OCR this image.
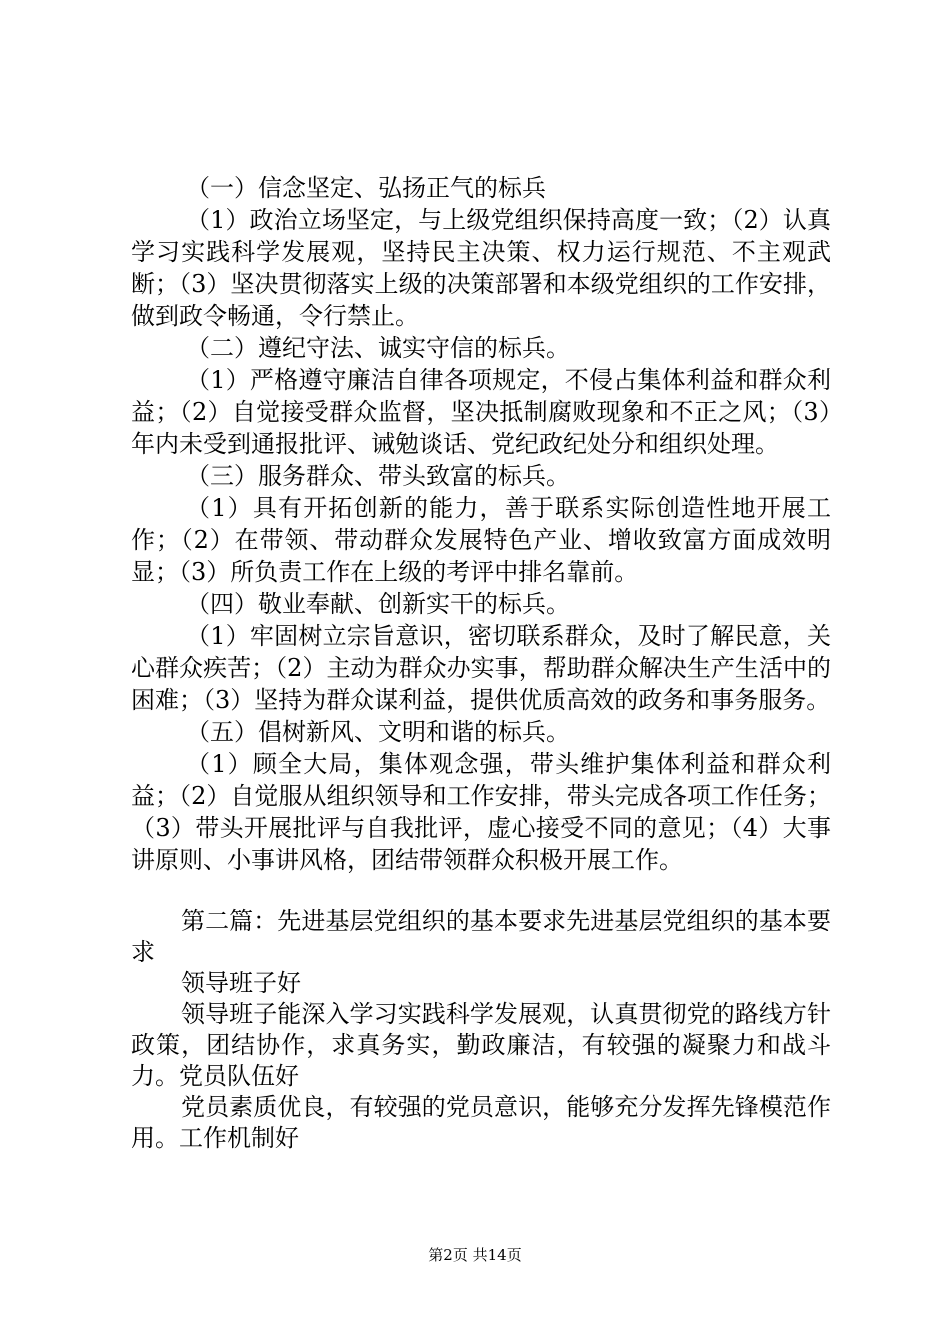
（一）信念坚定、弘扬正气的标兵

（1）政治立场坚定，与上级党组织保持高度一致；（2）认真学习实践科学发展观，坚持民主决策、权力运行规范、不主观武断；（3）坚决贯彻落实上级的决策部署和本级党组织的工作安排，做到政令畅通，令行禁止。

（二）遵纪守法、诚实守信的标兵。

（1）严格遵守廉洁自律各项规定，不侵占集体利益和群众利益；（2）自觉接受群众监督，坚决抵制腐败现象和不正之风；（3）年内未受到通报批评、诫勉谈话、党纪政纪处分和组织处理。

（三）服务群众、带头致富的标兵。

（1）具有开拓创新的能力，善于联系实际创造性地开展工作；（2）在带领、带动群众发展特色产业、增收致富方面成效明显；（3）所负责工作在上级的考评中排名靠前。

（四）敬业奉献、创新实干的标兵。

（1）牢固树立宗旨意识，密切联系群众，及时了解民意，关心群众疾苦；（2）主动为群众办实事，帮助群众解决生产生活中的困难；（3）坚持为群众谋利益，提供优质高效的政务和事务服务。

（五）倡树新风、文明和谐的标兵。

（1）顾全大局，集体观念强，带头维护集体利益和群众利益；（2）自觉服从组织领导和工作安排，带头完成各项工作任务；（3）带头开展批评与自我批评，虚心接受不同的意见；（4）大事讲原则、小事讲风格，团结带领群众积极开展工作。

第二篇：先进基层党组织的基本要求先进基层党组织的基本要求

领导班子好

领导班子能深入学习实践科学发展观，认真贯彻党的路线方针政策，团结协作，求真务实，勤政廉洁，有较强的凝聚力和战斗力。党员队伍好

党员素质优良，有较强的党员意识，能够充分发挥先锋模范作用。工作机制好

第2页 共14页
